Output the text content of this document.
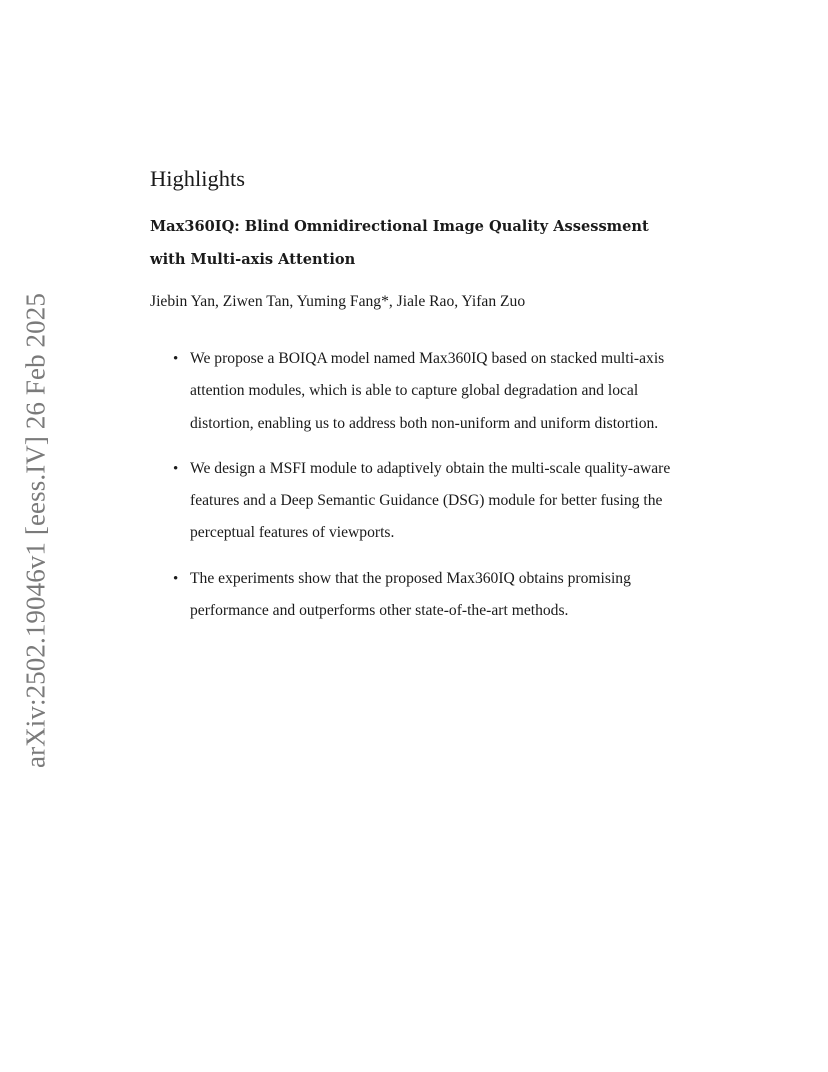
arXiv:2502.19046v1 [eess.IV] 26 Feb 2025
Highlights
Max360IQ: Blind Omnidirectional Image Quality Assessment with Multi-axis Attention

Jiebin Yan, Ziwen Tan, Yuming Fang*, Jiale Rao, Yifan Zuo

• We propose a BOIQA model named Max360IQ based on stacked multi-axis attention modules, which is able to capture global degradation and local distortion, enabling us to address both non-uniform and uniform distortion.
• We design a MSFI module to adaptively obtain the multi-scale quality-aware features and a Deep Semantic Guidance (DSG) module for better fusing the perceptual features of viewports.
• The experiments show that the proposed Max360IQ obtains promising performance and outperforms other state-of-the-art methods.
